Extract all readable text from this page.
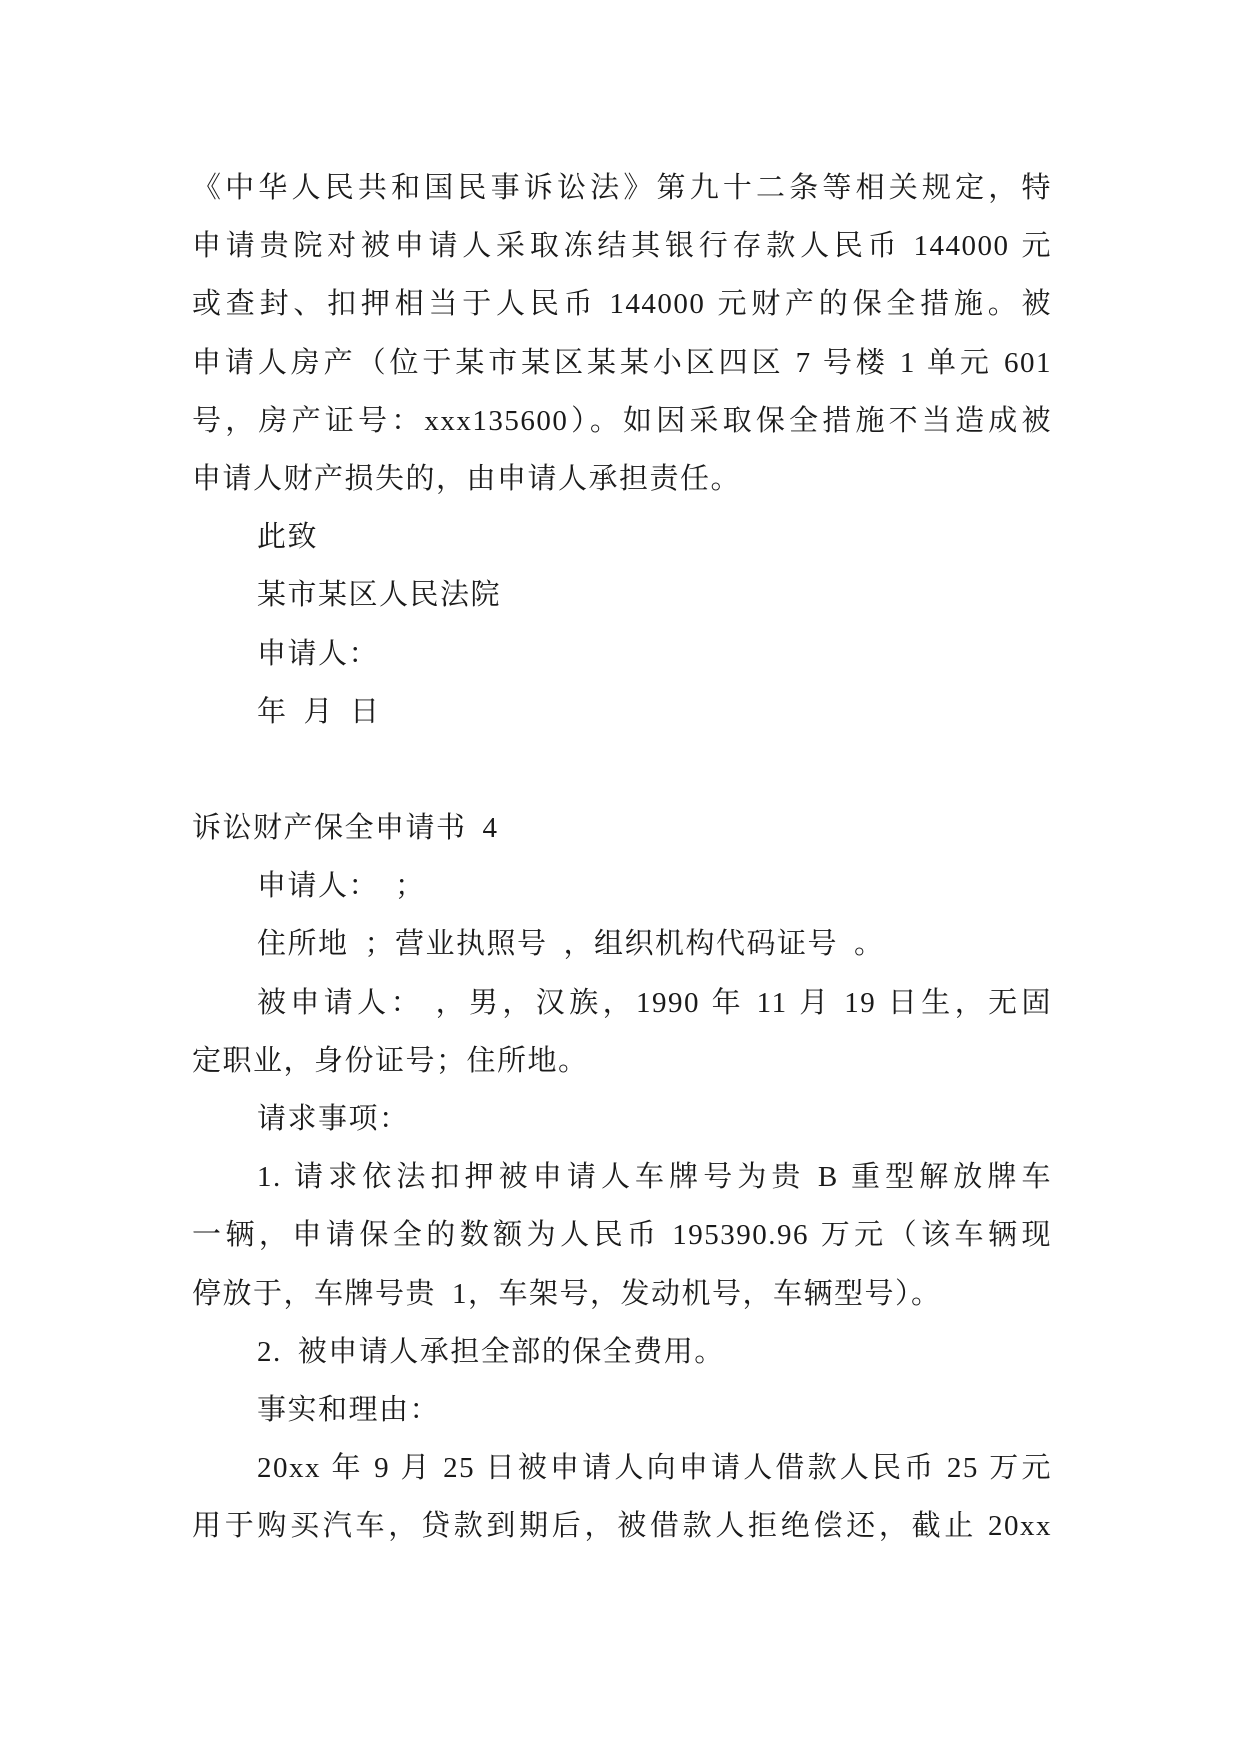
《中华人民共和国民事诉讼法》第九十二条等相关规定，特
申请贵院对被申请人采取冻结其银行存款人民币 144000 元
或查封、扣押相当于人民币 144000 元财产的保全措施。被
申请人房产（位于某市某区某某小区四区 7 号楼 1 单元 601
号，房产证号：xxx135600）。如因采取保全措施不当造成被
申请人财产损失的，由申请人承担责任。
此致
某市某区人民法院
申请人：
年 月 日
诉讼财产保全申请书 4
申请人： ；
住所地 ；营业执照号 ，组织机构代码证号 。
被申请人： ，男，汉族，1990 年 11 月 19 日生，无固
定职业，身份证号；住所地。
请求事项：
1. 请求依法扣押被申请人车牌号为贵 B 重型解放牌车
一辆，申请保全的数额为人民币 195390.96 万元（该车辆现
停放于，车牌号贵 1，车架号，发动机号，车辆型号）。
2. 被申请人承担全部的保全费用。
事实和理由：
20xx 年 9 月 25 日被申请人向申请人借款人民币 25 万元
用于购买汽车，贷款到期后，被借款人拒绝偿还，截止 20xx
